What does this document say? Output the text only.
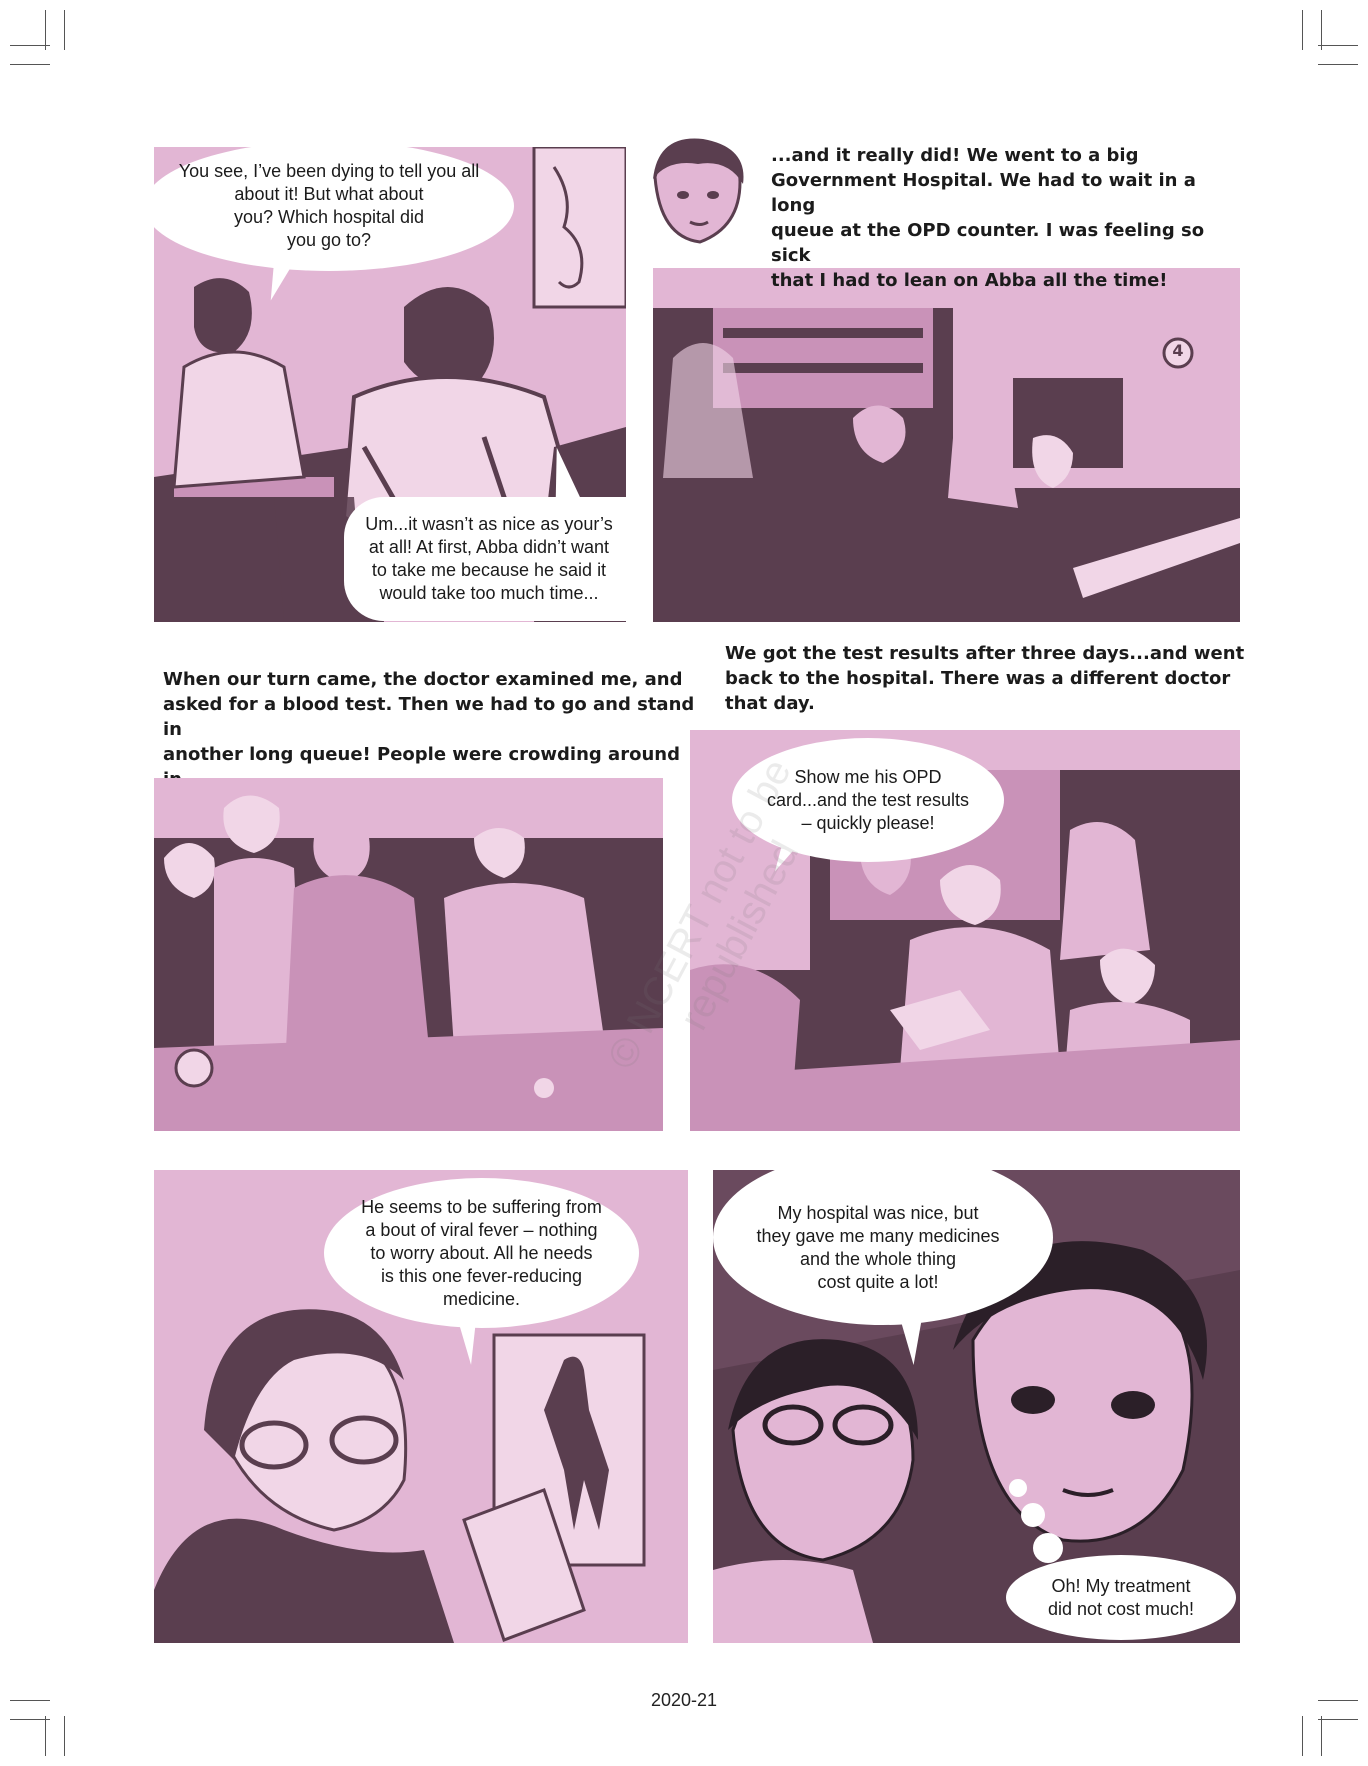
You see, I’ve been dying to tell you all
about it! But what about
you? Which hospital did
you go to?
Um...it wasn’t as nice as your’s
at all! At first, Abba didn’t want
to take me because he said it
would take too much time...
4
...and it really did! We went to a big
Government Hospital. We had to wait in a long
queue at the OPD counter. I was feeling so sick
that I had to lean on Abba all the time!
When our turn came, the doctor examined me, and
asked for a blood test. Then we had to go and stand in
another long queue! People were crowding around

We got the test results after three days...and went
back to the hospital. There was a different doctor
that day.
Show me his OPD
card...and the test results
– quickly please!
He seems to be suffering from
a bout of viral fever – nothing
to worry about. All he needs
is this one fever-reducing
medicine.
My hospital was nice, but
they gave me many medicines
and the whole thing
cost quite a lot!
Oh! My treatment
did not cost much!
NCERT
2020-21
